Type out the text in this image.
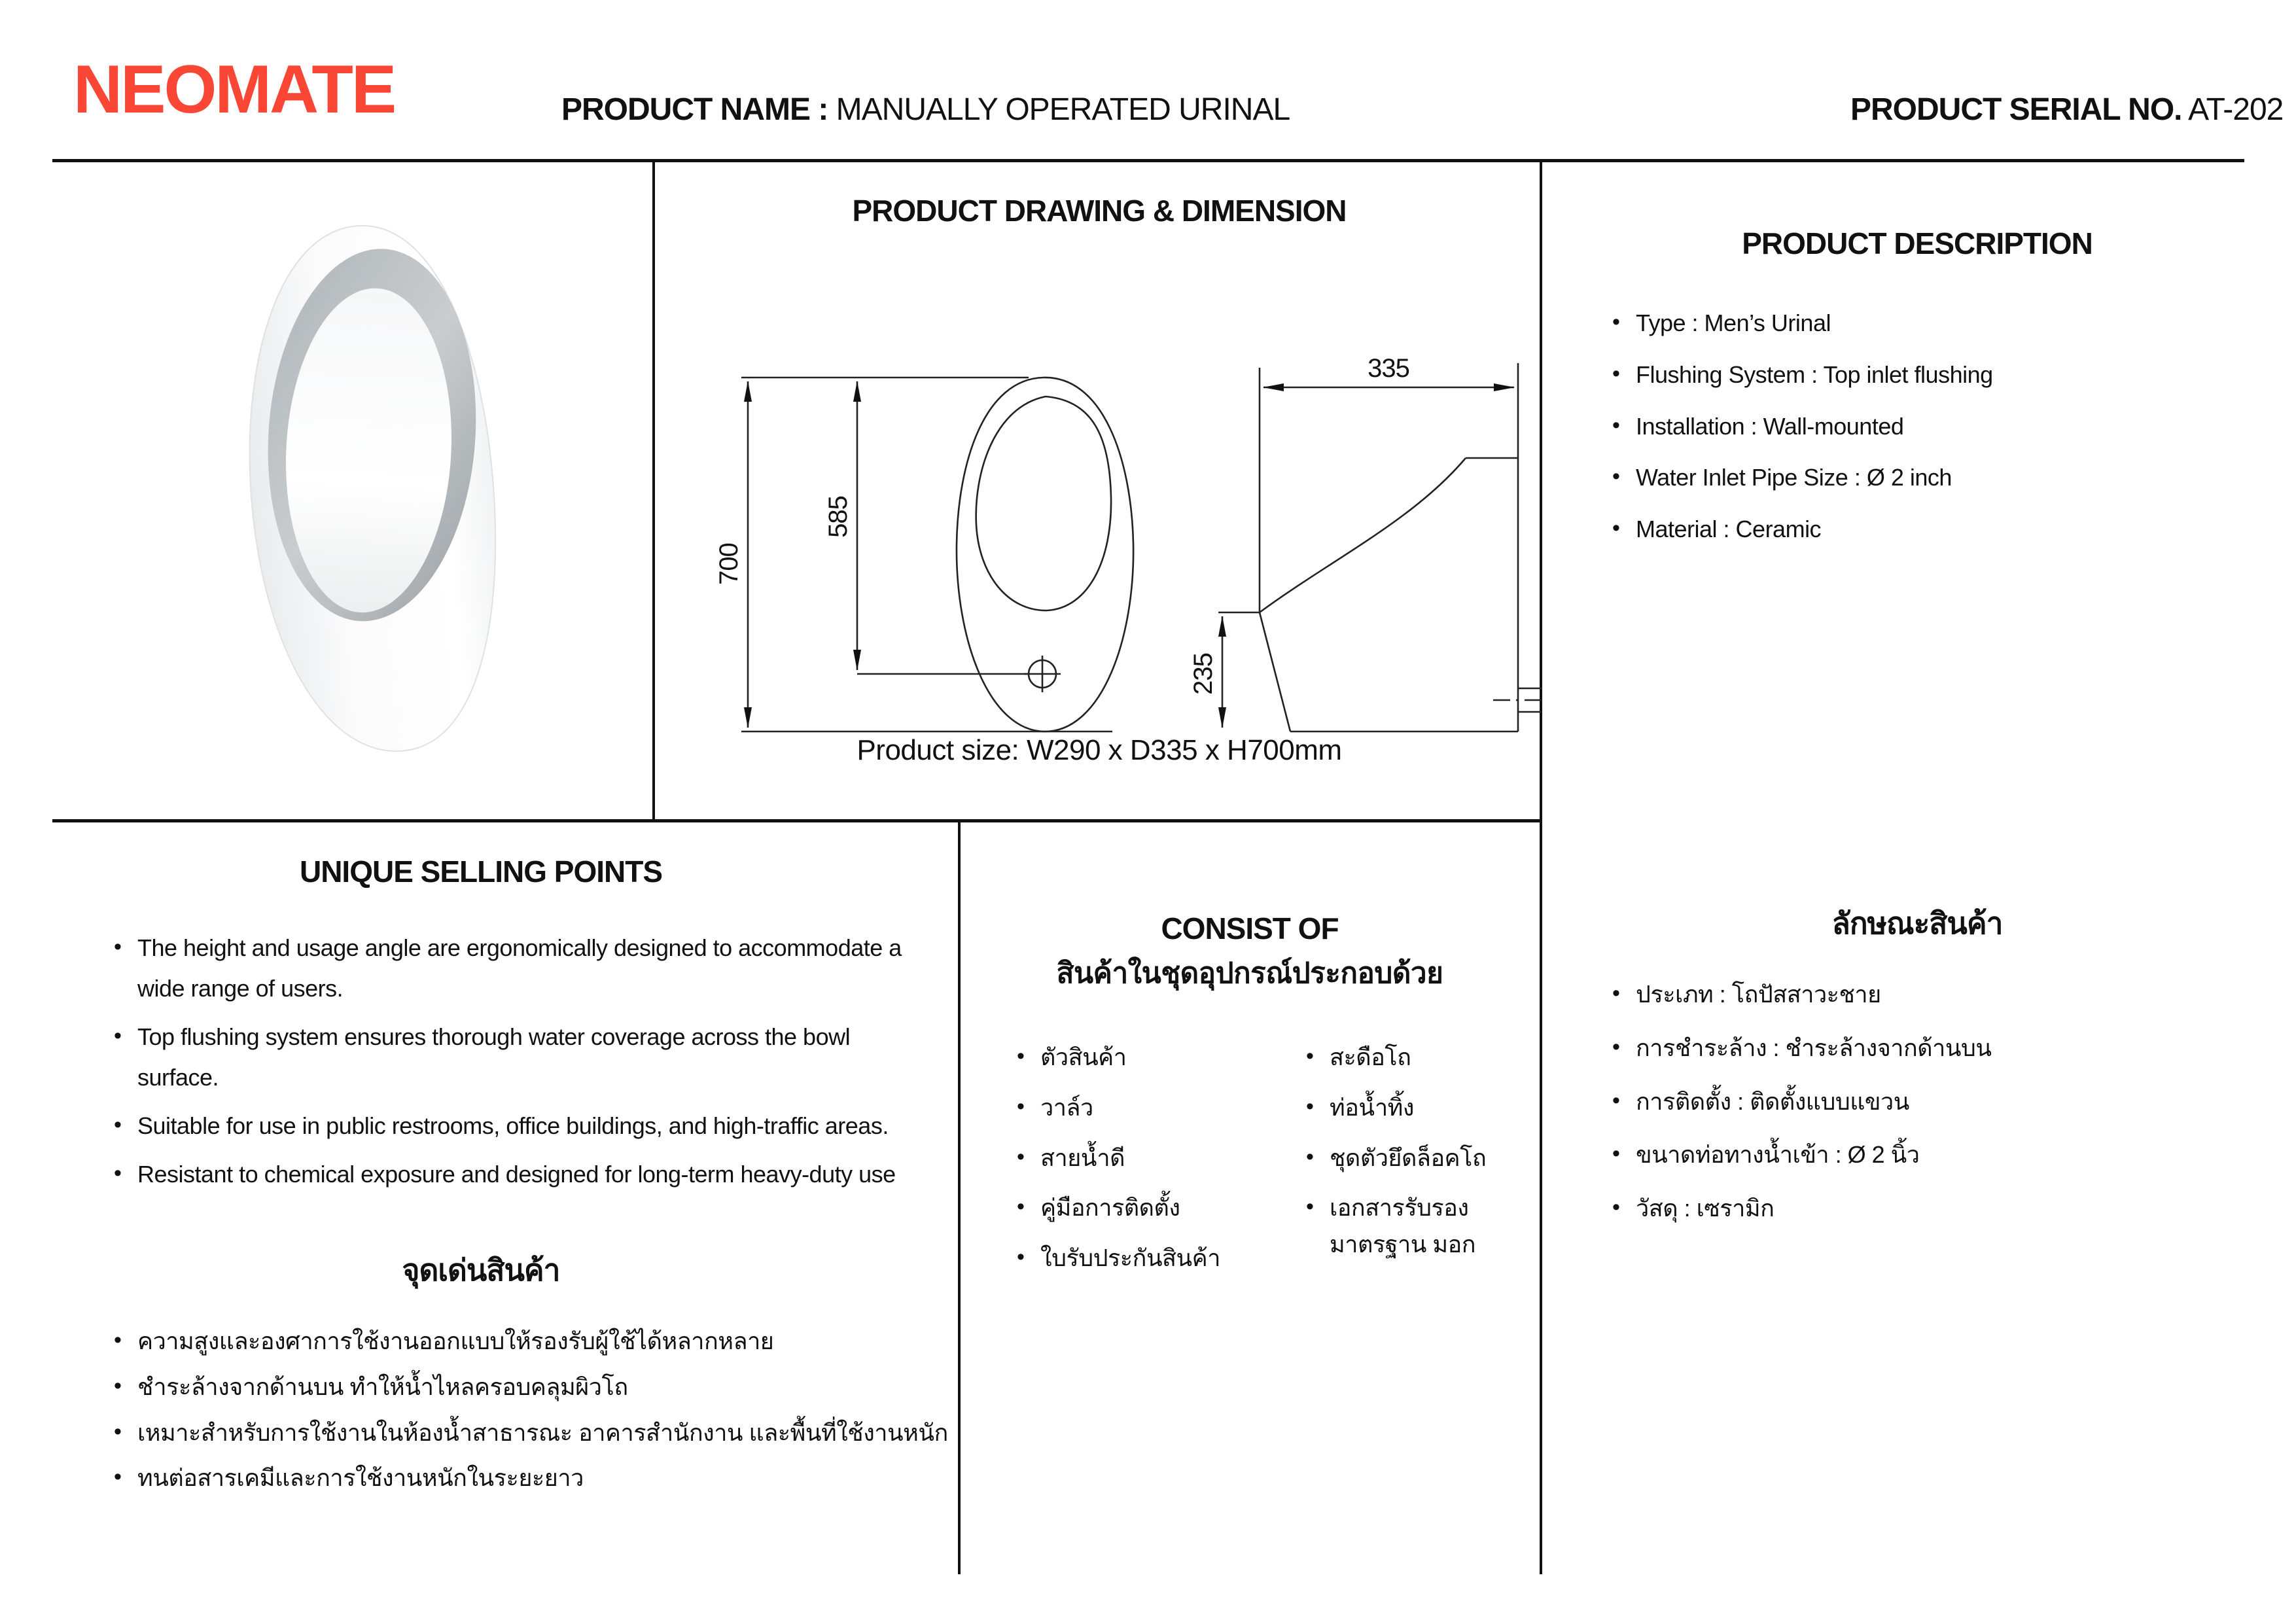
NEOMATE	PRODUCT NAME : MANUALLY OPERATED URINAL	PRODUCT SERIAL NO. AT-202
PRODUCT DRAWING & DIMENSION
700
585
335
235
Product size: W290 x D335 x H700mm
PRODUCT DESCRIPTION
• Type : Men’s Urinal
• Flushing System : Top inlet flushing
• Installation : Wall-mounted
• Water Inlet Pipe Size : Ø 2 inch
• Material : Ceramic
UNIQUE SELLING POINTS
• The height and usage angle are ergonomically designed to accommodate a wide range of users.
• Top flushing system ensures thorough water coverage across the bowl surface.
• Suitable for use in public restrooms, office buildings, and high-traffic areas.
• Resistant to chemical exposure and designed for long-term heavy-duty use
จุดเด่นสินค้า
• ความสูงและองศาการใช้งานออกแบบให้รองรับผู้ใช้ได้หลากหลาย
• ชำระล้างจากด้านบน ทำให้น้ำไหลครอบคลุมผิวโถ
• เหมาะสำหรับการใช้งานในห้องน้ำสาธารณะ อาคารสำนักงาน และพื้นที่ใช้งานหนัก
• ทนต่อสารเคมีและการใช้งานหนักในระยะยาว
CONSIST OF
สินค้าในชุดอุปกรณ์ประกอบด้วย
• ตัวสินค้า
• วาล์ว
• สายน้ำดี
• คู่มือการติดตั้ง
• ใบรับประกันสินค้า
• สะดือโถ
• ท่อน้ำทิ้ง
• ชุดตัวยึดล็อคโถ
• เอกสารรับรอง มาตรฐาน มอก
ลักษณะสินค้า
• ประเภท : โถปัสสาวะชาย
• การชำระล้าง : ชำระล้างจากด้านบน
• การติดตั้ง : ติดตั้งแบบแขวน
• ขนาดท่อทางน้ำเข้า : Ø 2 นิ้ว
• วัสดุ : เซรามิก
